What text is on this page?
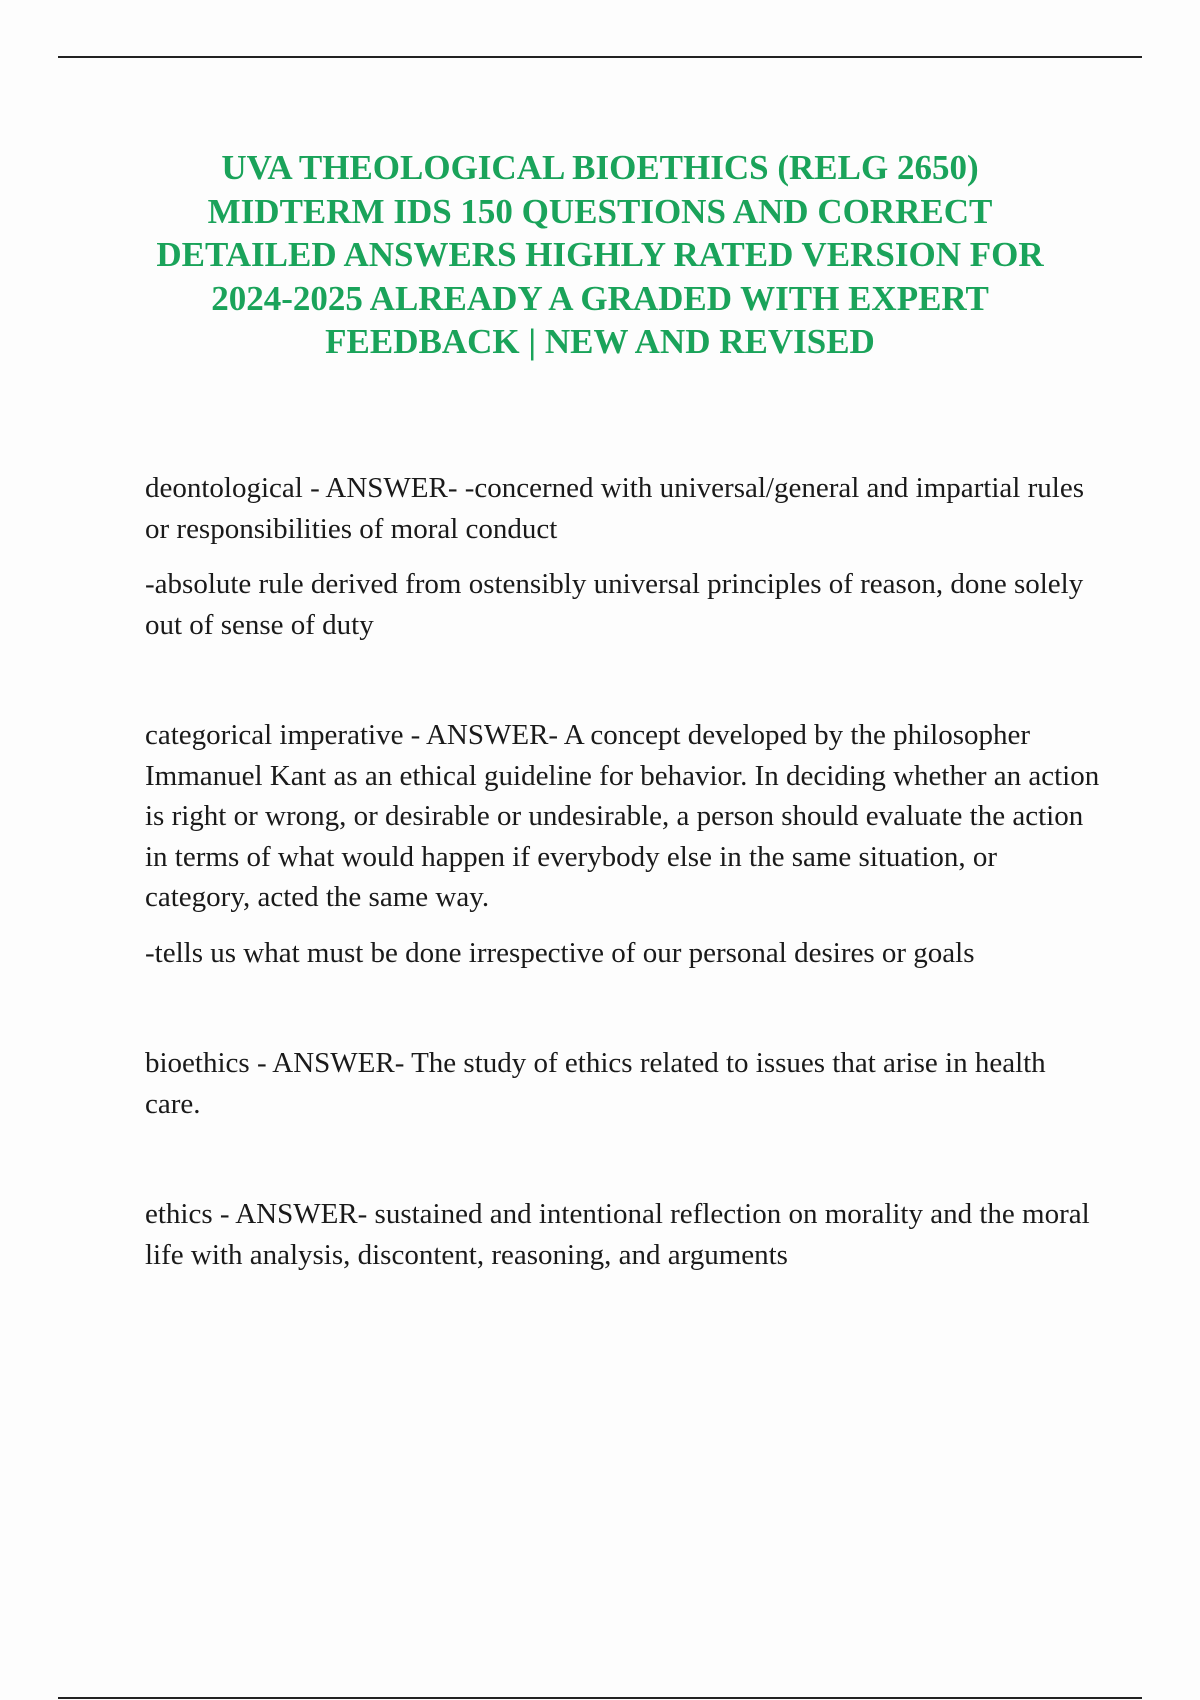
UVA THEOLOGICAL BIOETHICS (RELG 2650) MIDTERM IDS 150 QUESTIONS AND CORRECT DETAILED ANSWERS HIGHLY RATED VERSION FOR 2024-2025 ALREADY A GRADED WITH EXPERT FEEDBACK | NEW AND REVISED

deontological - ANSWER- -concerned with universal/general and impartial rules or responsibilities of moral conduct

-absolute rule derived from ostensibly universal principles of reason, done solely out of sense of duty

categorical imperative - ANSWER- A concept developed by the philosopher Immanuel Kant as an ethical guideline for behavior. In deciding whether an action is right or wrong, or desirable or undesirable, a person should evaluate the action in terms of what would happen if everybody else in the same situation, or category, acted the same way.

-tells us what must be done irrespective of our personal desires or goals

bioethics - ANSWER- The study of ethics related to issues that arise in health care.

ethics - ANSWER- sustained and intentional reflection on morality and the moral life with analysis, discontent, reasoning, and arguments
